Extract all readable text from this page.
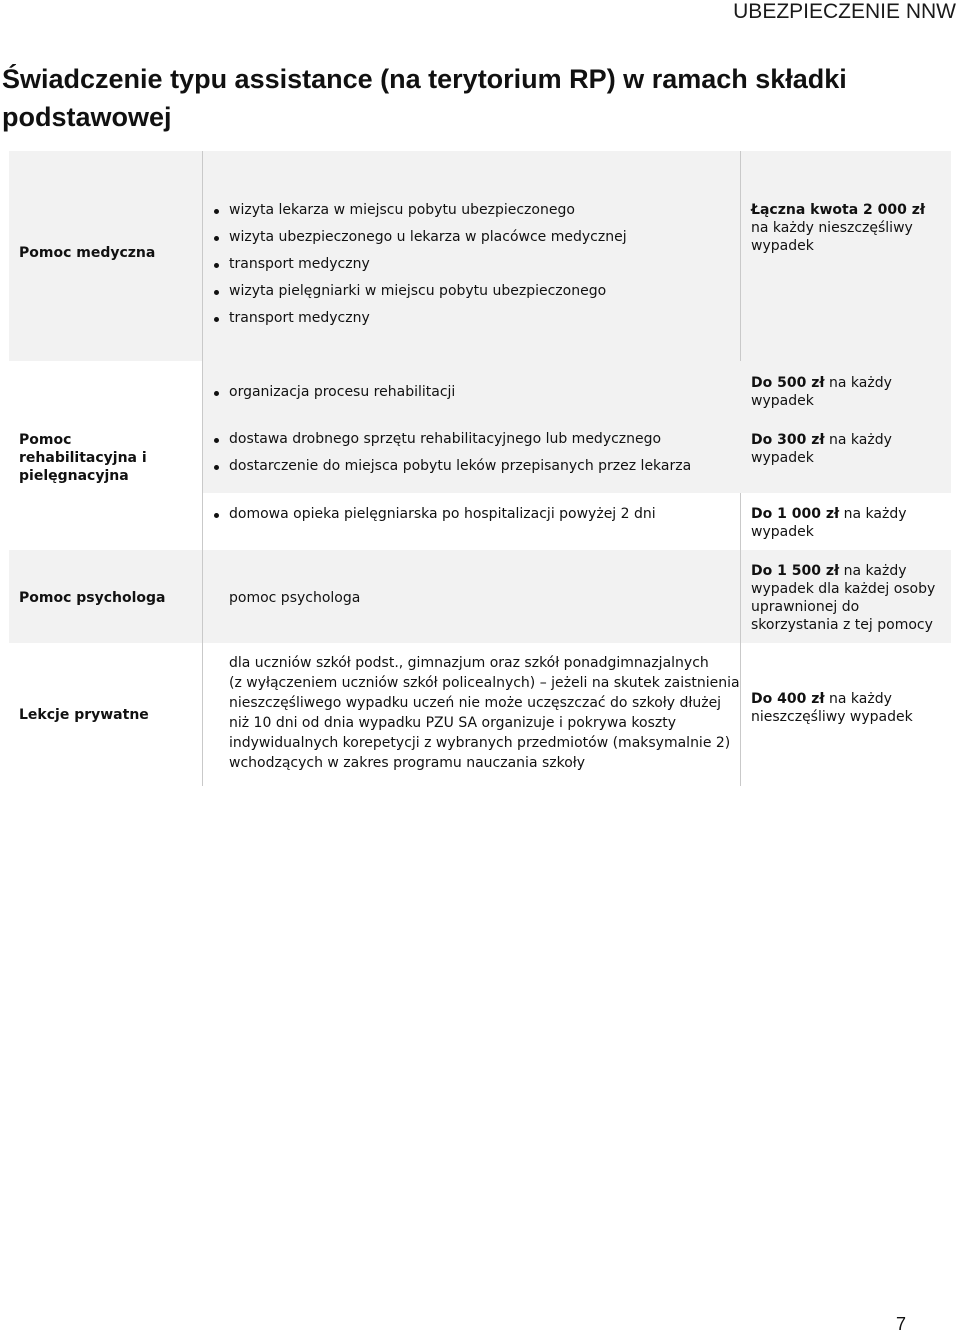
UBEZPIECZENIE NNW
Świadczenie typu assistance (na terytorium RP) w ramach składki podstawowej
Pomoc medyczna
wizyta lekarza w miejscu pobytu ubezpieczonego
wizyta ubezpieczonego u lekarza w placówce medycznej
transport medyczny
wizyta pielęgniarki w miejscu pobytu ubezpieczonego
transport medyczny
Łączna kwota 2 000 zł
na każdy nieszczęśliwy wypadek
Pomoc rehabilitacyjna i pielęgnacyjna
organizacja procesu rehabilitacji
Do 500 zł na każdy wypadek
dostawa drobnego sprzętu rehabilitacyjnego lub medycznego
dostarczenie do miejsca pobytu leków przepisanych przez lekarza
Do 300 zł na każdy wypadek
domowa opieka pielęgniarska po hospitalizacji powyżej 2 dni	Do 1 000 zł na każdy wypadek
Pomoc psychologa	pomoc psychologa
Do 1 500 zł na każdy wypadek dla każdej osoby uprawnionej do skorzystania z tej pomocy
Lekcje prywatne
dla uczniów szkół podst., gimnazjum oraz szkół ponadgimnazjalnych
(z wyłączeniem uczniów szkół policealnych) – jeżeli na skutek zaistnienia
nieszczęśliwego wypadku uczeń nie może uczęszczać do szkoły dłużej
niż 10 dni od dnia wypadku PZU SA organizuje i pokrywa koszty
indywidualnych korepetycji z wybranych przedmiotów (maksymalnie 2)
wchodzących w zakres programu nauczania szkoły
Do 400 zł na każdy nieszczęśliwy wypadek
7
